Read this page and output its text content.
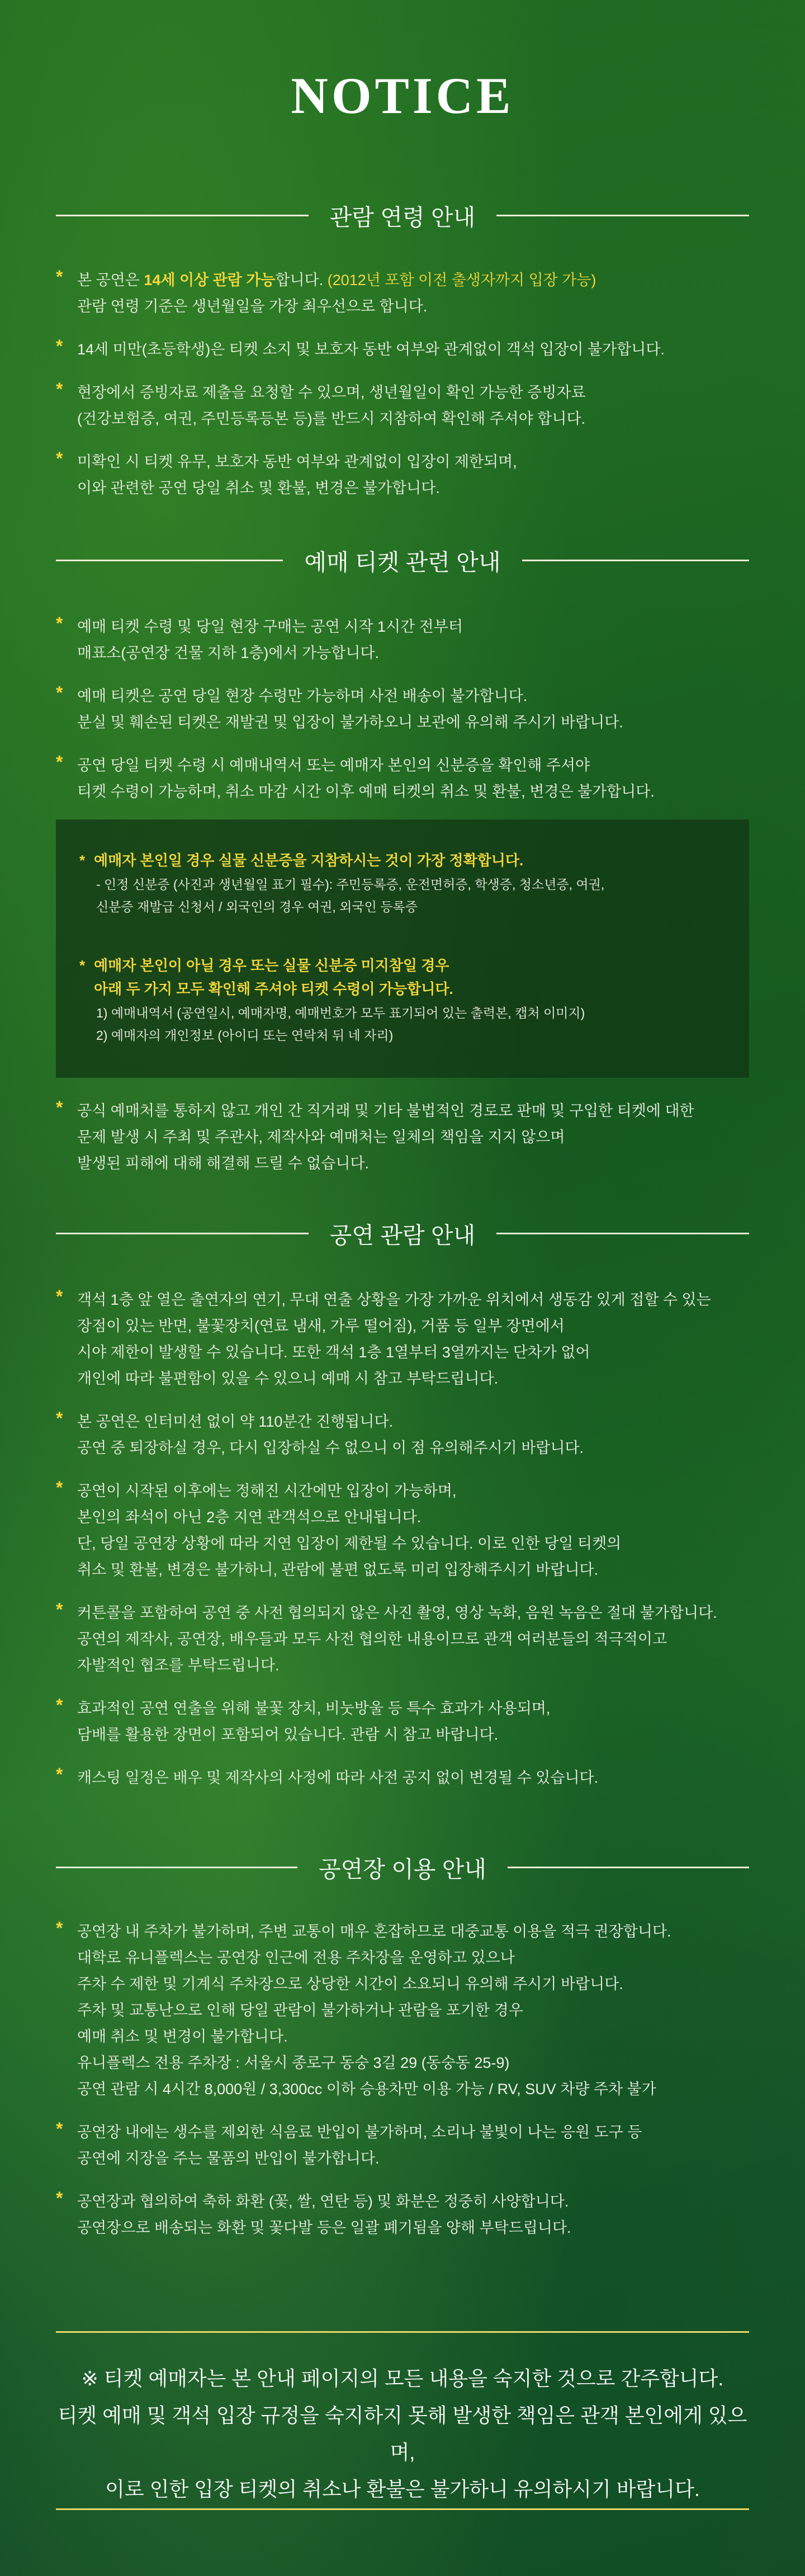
NOTICE
관람 연령 안내
* 본 공연은 14세 이상 관람 가능합니다. (2012년 포함 이전 출생자까지 입장 가능)
관람 연령 기준은 생년월일을 가장 최우선으로 합니다.

* 14세 미만(초등학생)은 티켓 소지 및 보호자 동반 여부와 관계없이 객석 입장이 불가합니다.

* 현장에서 증빙자료 제출을 요청할 수 있으며, 생년월일이 확인 가능한 증빙자료
(건강보험증, 여권, 주민등록등본 등)를 반드시 지참하여 확인해 주셔야 합니다.

* 미확인 시 티켓 유무, 보호자 동반 여부와 관계없이 입장이 제한되며,
이와 관련한 공연 당일 취소 및 환불, 변경은 불가합니다.

예매 티켓 관련 안내
* 예매 티켓 수령 및 당일 현장 구매는 공연 시작 1시간 전부터
매표소(공연장 건물 지하 1층)에서 가능합니다.

* 예매 티켓은 공연 당일 현장 수령만 가능하며 사전 배송이 불가합니다.
분실 및 훼손된 티켓은 재발권 및 입장이 불가하오니 보관에 유의해 주시기 바랍니다.

* 공연 당일 티켓 수령 시 예매내역서 또는 예매자 본인의 신분증을 확인해 주셔야
티켓 수령이 가능하며, 취소 마감 시간 이후 예매 티켓의 취소 및 환불, 변경은 불가합니다.

* 예매자 본인일 경우 실물 신분증을 지참하시는 것이 가장 정확합니다.

- 인정 신분증 (사진과 생년월일 표기 필수): 주민등록증, 운전면허증, 학생증, 청소년증, 여권,
신분증 재발급 신청서 / 외국인의 경우 여권, 외국인 등록증

* 예매자 본인이 아닐 경우 또는 실물 신분증 미지참일 경우
아래 두 가지 모두 확인해 주셔야 티켓 수령이 가능합니다.

1) 예매내역서 (공연일시, 예매자명, 예매번호가 모두 표기되어 있는 출력본, 캡처 이미지)
2) 예매자의 개인정보 (아이디 또는 연락처 뒤 네 자리)

* 공식 예매처를 통하지 않고 개인 간 직거래 및 기타 불법적인 경로로 판매 및 구입한 티켓에 대한
문제 발생 시 주최 및 주관사, 제작사와 예매처는 일체의 책임을 지지 않으며
발생된 피해에 대해 해결해 드릴 수 없습니다.

공연 관람 안내
* 객석 1층 앞 열은 출연자의 연기, 무대 연출 상황을 가장 가까운 위치에서 생동감 있게 접할 수 있는
장점이 있는 반면, 불꽃장치(연료 냄새, 가루 떨어짐), 거품 등 일부 장면에서
시야 제한이 발생할 수 있습니다. 또한 객석 1층 1열부터 3열까지는 단차가 없어
개인에 따라 불편함이 있을 수 있으니 예매 시 참고 부탁드립니다.

* 본 공연은 인터미션 없이 약 110분간 진행됩니다.
공연 중 퇴장하실 경우, 다시 입장하실 수 없으니 이 점 유의해주시기 바랍니다.

* 공연이 시작된 이후에는 정해진 시간에만 입장이 가능하며,
본인의 좌석이 아닌 2층 지연 관객석으로 안내됩니다.
단, 당일 공연장 상황에 따라 지연 입장이 제한될 수 있습니다. 이로 인한 당일 티켓의
취소 및 환불, 변경은 불가하니, 관람에 불편 없도록 미리 입장해주시기 바랍니다.

* 커튼콜을 포함하여 공연 중 사전 협의되지 않은 사진 촬영, 영상 녹화, 음원 녹음은 절대 불가합니다.
공연의 제작사, 공연장, 배우들과 모두 사전 협의한 내용이므로 관객 여러분들의 적극적이고
자발적인 협조를 부탁드립니다.

* 효과적인 공연 연출을 위해 불꽃 장치, 비눗방울 등 특수 효과가 사용되며,
담배를 활용한 장면이 포함되어 있습니다. 관람 시 참고 바랍니다.

* 캐스팅 일정은 배우 및 제작사의 사정에 따라 사전 공지 없이 변경될 수 있습니다.

공연장 이용 안내
* 공연장 내 주차가 불가하며, 주변 교통이 매우 혼잡하므로 대중교통 이용을 적극 권장합니다.
대학로 유니플렉스는 공연장 인근에 전용 주차장을 운영하고 있으나
주차 수 제한 및 기계식 주차장으로 상당한 시간이 소요되니 유의해 주시기 바랍니다.
주차 및 교통난으로 인해 당일 관람이 불가하거나 관람을 포기한 경우
예매 취소 및 변경이 불가합니다.

유니플렉스 전용 주차장 : 서울시 종로구 동숭 3길 29 (동숭동 25-9)
공연 관람 시 4시간 8,000원 / 3,300cc 이하 승용차만 이용 가능 / RV, SUV 차량 주차 불가

* 공연장 내에는 생수를 제외한 식음료 반입이 불가하며, 소리나 불빛이 나는 응원 도구 등
공연에 지장을 주는 물품의 반입이 불가합니다.

* 공연장과 협의하여 축하 화환 (꽃, 쌀, 연탄 등) 및 화분은 정중히 사양합니다.
공연장으로 배송되는 화환 및 꽃다발 등은 일괄 폐기됨을 양해 부탁드립니다.

※ 티켓 예매자는 본 안내 페이지의 모든 내용을 숙지한 것으로 간주합니다.
티켓 예매 및 객석 입장 규정을 숙지하지 못해 발생한 책임은 관객 본인에게 있으며,
이로 인한 입장 티켓의 취소나 환불은 불가하니 유의하시기 바랍니다.
